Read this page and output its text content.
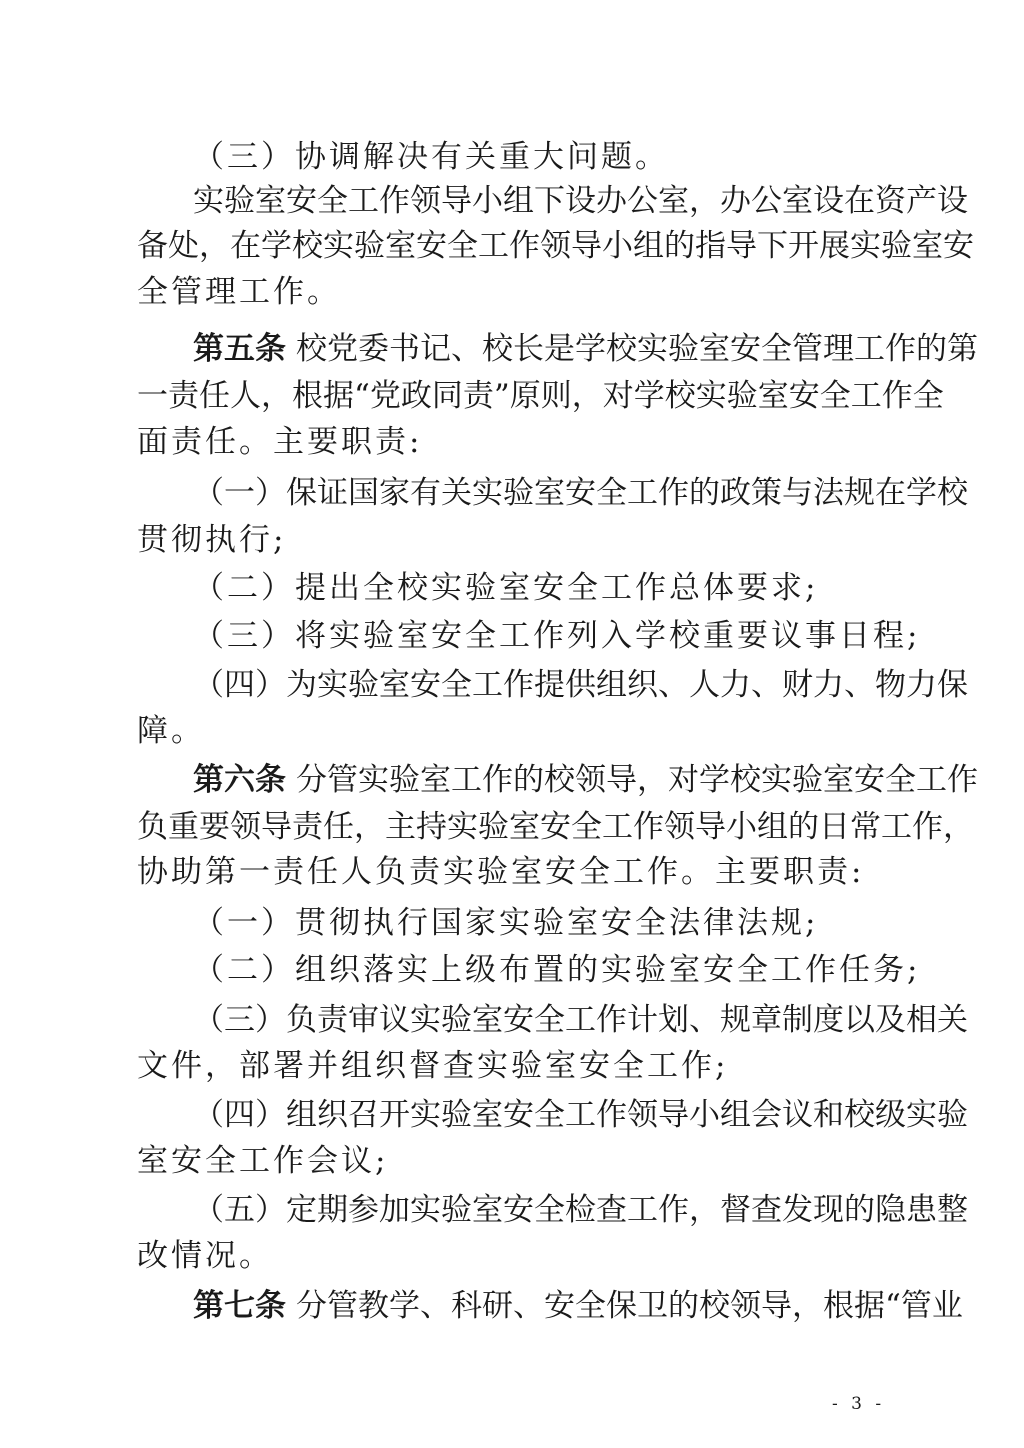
（三）协调解决有关重大问题。
实验室安全工作领导小组下设办公室，办公室设在资产设
备处，在学校实验室安全工作领导小组的指导下开展实验室安
全管理工作。
第五条 校党委书记、校长是学校实验室安全管理工作的第
一责任人，根据“党政同责”原则，对学校实验室安全工作全
面责任。主要职责:
（一）保证国家有关实验室安全工作的政策与法规在学校
贯彻执行;
（二）提出全校实验室安全工作总体要求;
（三）将实验室安全工作列入学校重要议事日程;
（四）为实验室安全工作提供组织、人力、财力、物力保
障。
第六条 分管实验室工作的校领导，对学校实验室安全工作
负重要领导责任，主持实验室安全工作领导小组的日常工作，
协助第一责任人负责实验室安全工作。主要职责:
（一）贯彻执行国家实验室安全法律法规;
（二）组织落实上级布置的实验室安全工作任务;
（三）负责审议实验室安全工作计划、规章制度以及相关
文件，部署并组织督查实验室安全工作;
（四）组织召开实验室安全工作领导小组会议和校级实验
室安全工作会议;
（五）定期参加实验室安全检查工作，督查发现的隐患整
改情况。
第七条 分管教学、科研、安全保卫的校领导，根据“管业
- 3 -
